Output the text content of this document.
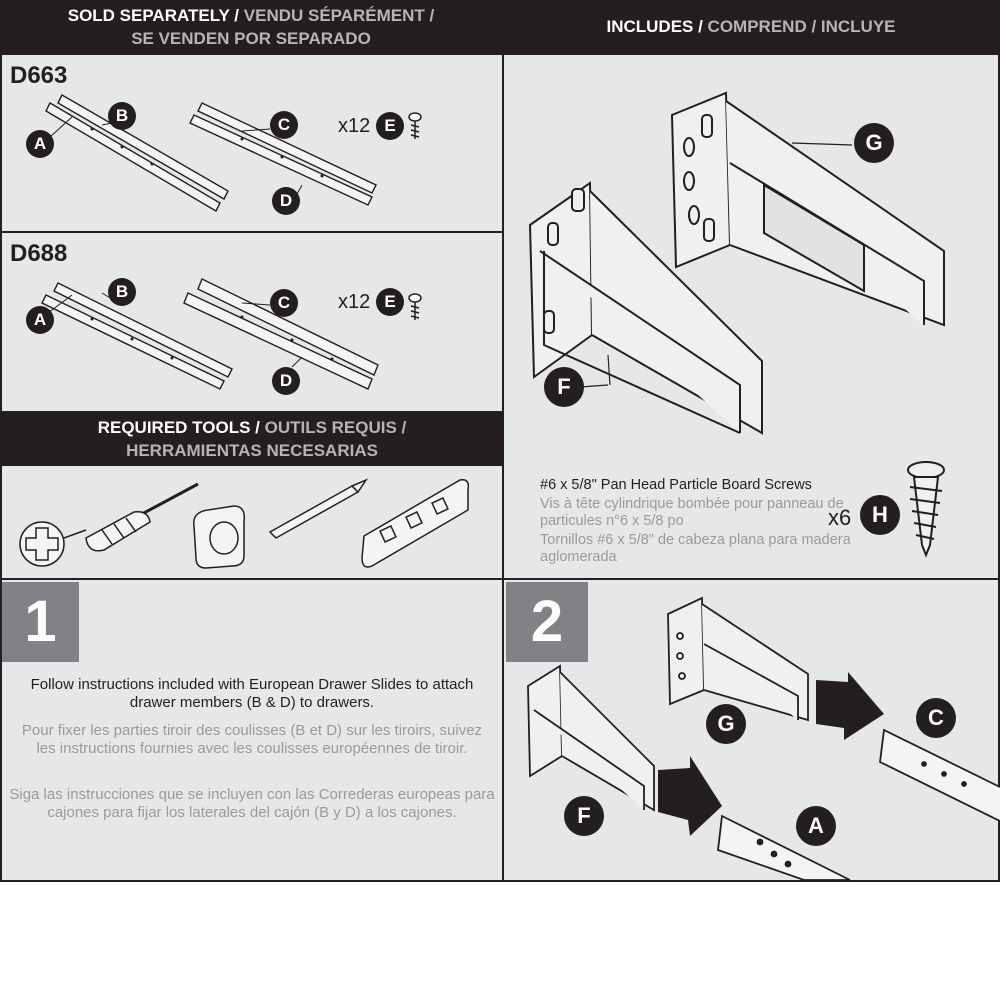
SOLD SEPARATELY / VENDU SÉPARÉMENT /
SE VENDEN POR SEPARADO
INCLUDES / COMPREND / INCLUYE
D663
A
B	C
D
x12 E
D688
A
B
C
D
x12 E
REQUIRED TOOLS / OUTILS REQUIS /
HERRAMIENTAS NECESARIAS
G
F
#6 x 5/8" Pan Head Particle Board Screws
Vis à tête cylindrique bombée pour panneau de particules n°6 x 5/8 po
Tornillos #6 x 5/8" de cabeza plana para madera aglomerada
x6 H
1
Follow instructions included with European Drawer Slides to attach drawer members (B & D) to drawers.
Pour fixer les parties tiroir des coulisses (B et D) sur les tiroirs, suivez les instructions fournies avec les coulisses européennes de tiroir.
Siga las instrucciones que se incluyen con las Correderas europeas para cajones para fijar los laterales del cajón (B y D) a los cajones.
2
G	C
F	A
